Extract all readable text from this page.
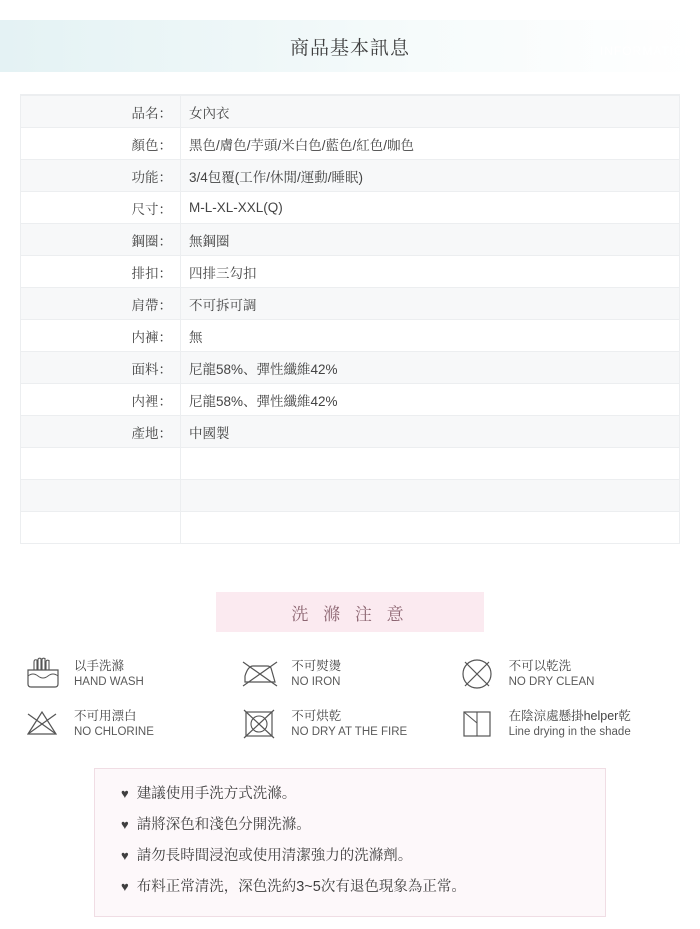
商品基本訊息	INFORMATION
品名：	女內衣
顏色：	黑色/膚色/芋頭/米白色/藍色/紅色/咖色
功能：	3/4包覆(工作/休閒/運動/睡眠)
尺寸：	M-L-XL-XXL(Q)
鋼圈：	無鋼圈
排扣：	四排三勾扣
肩帶：	不可拆可調
内褲：	無
面料：	尼龍58%、彈性纖維42%
内裡：	尼龍58%、彈性纖維42%
產地：	中國製

洗 滌 注 意
以手洗滌
HAND WASH
不可熨燙
NO IRON
不可以乾洗
NO DRY CLEAN
不可用漂白
NO CHLORINE
不可烘乾
NO DRY AT THE FIRE
在陰涼處懸掛helper乾
Line drying in the shade
♥ 建議使用手洗方式洗滌。
♥ 請將深色和淺色分開洗滌。
♥ 請勿長時間浸泡或使用清潔強力的洗滌劑。
♥ 布料正常清洗，深色洗約3~5次有退色現象為正常。
